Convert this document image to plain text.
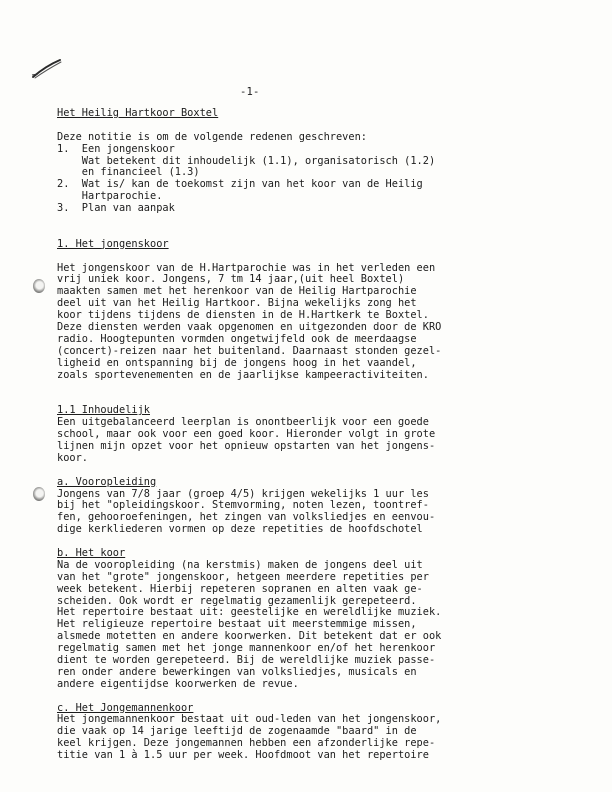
-1-
Het Heilig Hartkoor Boxtel

Deze notitie is om de volgende redenen geschreven:
1.  Een jongenskoor
Wat betekent dit inhoudelijk (1.1), organisatorisch (1.2)
en financieel (1.3)
2.  Wat is/ kan de toekomst zijn van het koor van de Heilig
Hartparochie.
3.  Plan van aanpak

1. Het jongenskoor

Het jongenskoor van de H.Hartparochie was in het verleden een
vrij uniek koor. Jongens, 7 tm 14 jaar,(uit heel Boxtel)
maakten samen met het herenkoor van de Heilig Hartparochie
deel uit van het Heilig Hartkoor. Bijna wekelijks zong het
koor tijdens tijdens de diensten in de H.Hartkerk te Boxtel.
Deze diensten werden vaak opgenomen en uitgezonden door de KRO
radio. Hoogtepunten vormden ongetwijfeld ook de meerdaagse
(concert)-reizen naar het buitenland. Daarnaast stonden gezel-
ligheid en ontspanning bij de jongens hoog in het vaandel,
zoals sportevenementen en de jaarlijkse kampeeractiviteiten.

1.1 Inhoudelijk
Een uitgebalanceerd leerplan is onontbeerlijk voor een goede
school, maar ook voor een goed koor. Hieronder volgt in grote
lijnen mijn opzet voor het opnieuw opstarten van het jongens-
koor.

a. Vooropleiding
Jongens van 7/8 jaar (groep 4/5) krijgen wekelijks 1 uur les
bij het "opleidingskoor. Stemvorming, noten lezen, toontref-
fen, gehooroefeningen, het zingen van volksliedjes en eenvou-
dige kerkliederen vormen op deze repetities de hoofdschotel

b. Het koor
Na de vooropleiding (na kerstmis) maken de jongens deel uit
van het "grote" jongenskoor, hetgeen meerdere repetities per
week betekent. Hierbij repeteren sopranen en alten vaak ge-
scheiden. Ook wordt er regelmatig gezamenlijk gerepeteerd.
Het repertoire bestaat uit: geestelijke en wereldlijke muziek.
Het religieuze repertoire bestaat uit meerstemmige missen,
alsmede motetten en andere koorwerken. Dit betekent dat er ook
regelmatig samen met het jonge mannenkoor en/of het herenkoor
dient te worden gerepeteerd. Bij de wereldlijke muziek passe-
ren onder andere bewerkingen van volksliedjes, musicals en
andere eigentijdse koorwerken de revue.

c. Het Jongemannenkoor
Het jongemannenkoor bestaat uit oud-leden van het jongenskoor,
die vaak op 14 jarige leeftijd de zogenaamde "baard" in de
keel krijgen. Deze jongemannen hebben een afzonderlijke repe-
titie van 1 à 1.5 uur per week. Hoofdmoot van het repertoire
